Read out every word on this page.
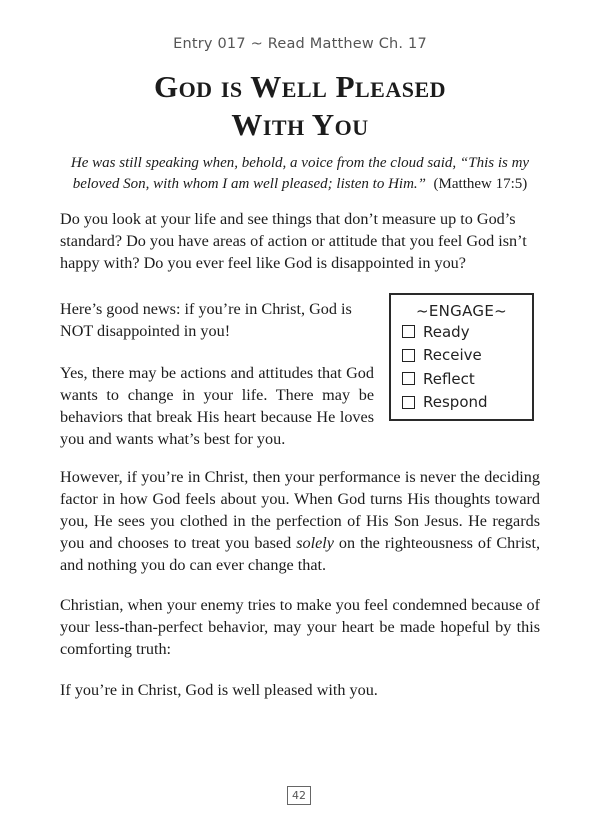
Entry 017 ~ Read Matthew Ch. 17
God is Well Pleased
With You
He was still speaking when, behold, a voice from the cloud said, “This is my
beloved Son, with whom I am well pleased; listen to Him.” (Matthew 17:5)

Do you look at your life and see things that don’t measure up to God’s standard? Do you have areas of action or attitude that you feel God isn’t happy with? Do you ever feel like God is disappointed in you?

Here’s good news: if you’re in Christ, God is NOT disappointed in you!

Yes, there may be actions and attitudes that God wants to change in your life. There may be behaviors that break His heart because He loves you and wants what’s best for you.

~ENGAGE~
Ready
Receive
Reflect
Respond

However, if you’re in Christ, then your performance is never the deciding factor in how God feels about you. When God turns His thoughts toward you, He sees you clothed in the perfection of His Son Jesus. He regards you and chooses to treat you based solely on the righteousness of Christ, and nothing you do can ever change that.

Christian, when your enemy tries to make you feel condemned because of your less-than-perfect behavior, may your heart be made hopeful by this comforting truth:

If you’re in Christ, God is well pleased with you.

42
